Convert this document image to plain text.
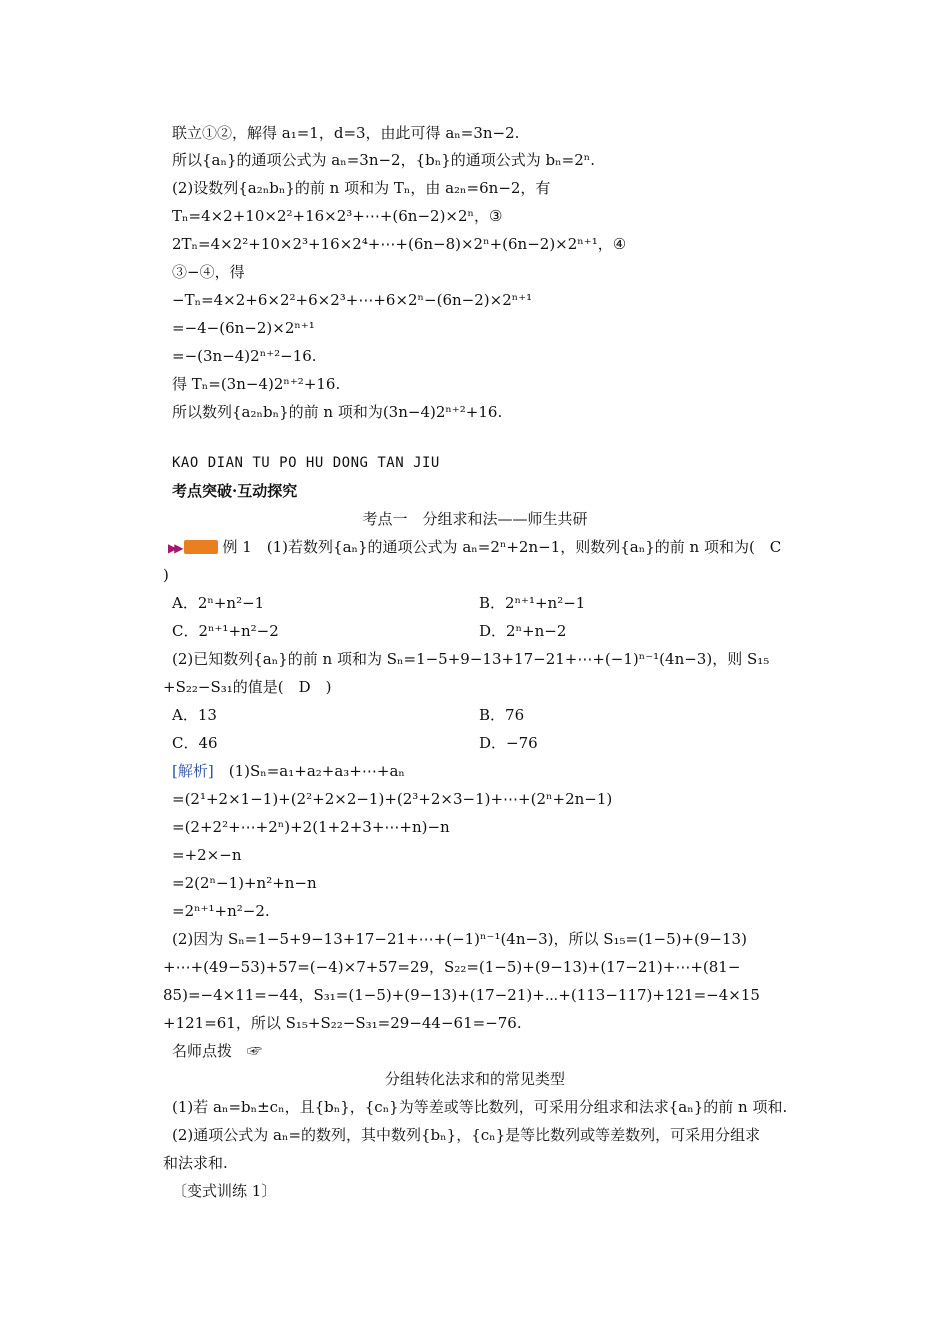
联立①②，解得 a₁=1，d=3，由此可得 aₙ=3n−2.
所以{aₙ}的通项公式为 aₙ=3n−2，{bₙ}的通项公式为 bₙ=2ⁿ.
(2)设数列{a₂ₙbₙ}的前 n 项和为 Tₙ，由 a₂ₙ=6n−2，有
Tₙ=4×2+10×2²+16×2³+⋯+(6n−2)×2ⁿ，③
2Tₙ=4×2²+10×2³+16×2⁴+⋯+(6n−8)×2ⁿ+(6n−2)×2ⁿ⁺¹，④
③−④，得
−Tₙ=4×2+6×2²+6×2³+⋯+6×2ⁿ−(6n−2)×2ⁿ⁺¹
=−4−(6n−2)×2ⁿ⁺¹
=−(3n−4)2ⁿ⁺²−16.
得 Tₙ=(3n−4)2ⁿ⁺²+16.
所以数列{a₂ₙbₙ}的前 n 项和为(3n−4)2ⁿ⁺²+16.
KAO DIAN TU PO HU DONG TAN JIU
考点突破·互动探究
考点一　分组求和法——师生共研
▶▶	例 1　(1)若数列{aₙ}的通项公式为 aₙ=2ⁿ+2n−1，则数列{aₙ}的前 n 项和为(　C
)
A．2ⁿ+n²−1	B．2ⁿ⁺¹+n²−1
C．2ⁿ⁺¹+n²−2	D．2ⁿ+n−2
(2)已知数列{aₙ}的前 n 项和为 Sₙ=1−5+9−13+17−21+⋯+(−1)ⁿ⁻¹(4n−3)，则 S₁₅
+S₂₂−S₃₁的值是(　D　)
A．13	B．76
C．46	D．−76
[解析]　(1)Sₙ=a₁+a₂+a₃+⋯+aₙ
=(2¹+2×1−1)+(2²+2×2−1)+(2³+2×3−1)+⋯+(2ⁿ+2n−1)
=(2+2²+⋯+2ⁿ)+2(1+2+3+⋯+n)−n
=+2×−n
=2(2ⁿ−1)+n²+n−n
=2ⁿ⁺¹+n²−2.
(2)因为 Sₙ=1−5+9−13+17−21+⋯+(−1)ⁿ⁻¹(4n−3)，所以 S₁₅=(1−5)+(9−13)
+⋯+(49−53)+57=(−4)×7+57=29，S₂₂=(1−5)+(9−13)+(17−21)+⋯+(81−
85)=−4×11=−44，S₃₁=(1−5)+(9−13)+(17−21)+⋯+(113−117)+121=−4×15
+121=61，所以 S₁₅+S₂₂−S₃₁=29−44−61=−76.
名师点拨　☞
分组转化法求和的常见类型
(1)若 aₙ=bₙ±cₙ，且{bₙ}，{cₙ}为等差或等比数列，可采用分组求和法求{aₙ}的前 n 项和.
(2)通项公式为 aₙ=的数列，其中数列{bₙ}，{cₙ}是等比数列或等差数列，可采用分组求
和法求和.
〔变式训练 1〕
